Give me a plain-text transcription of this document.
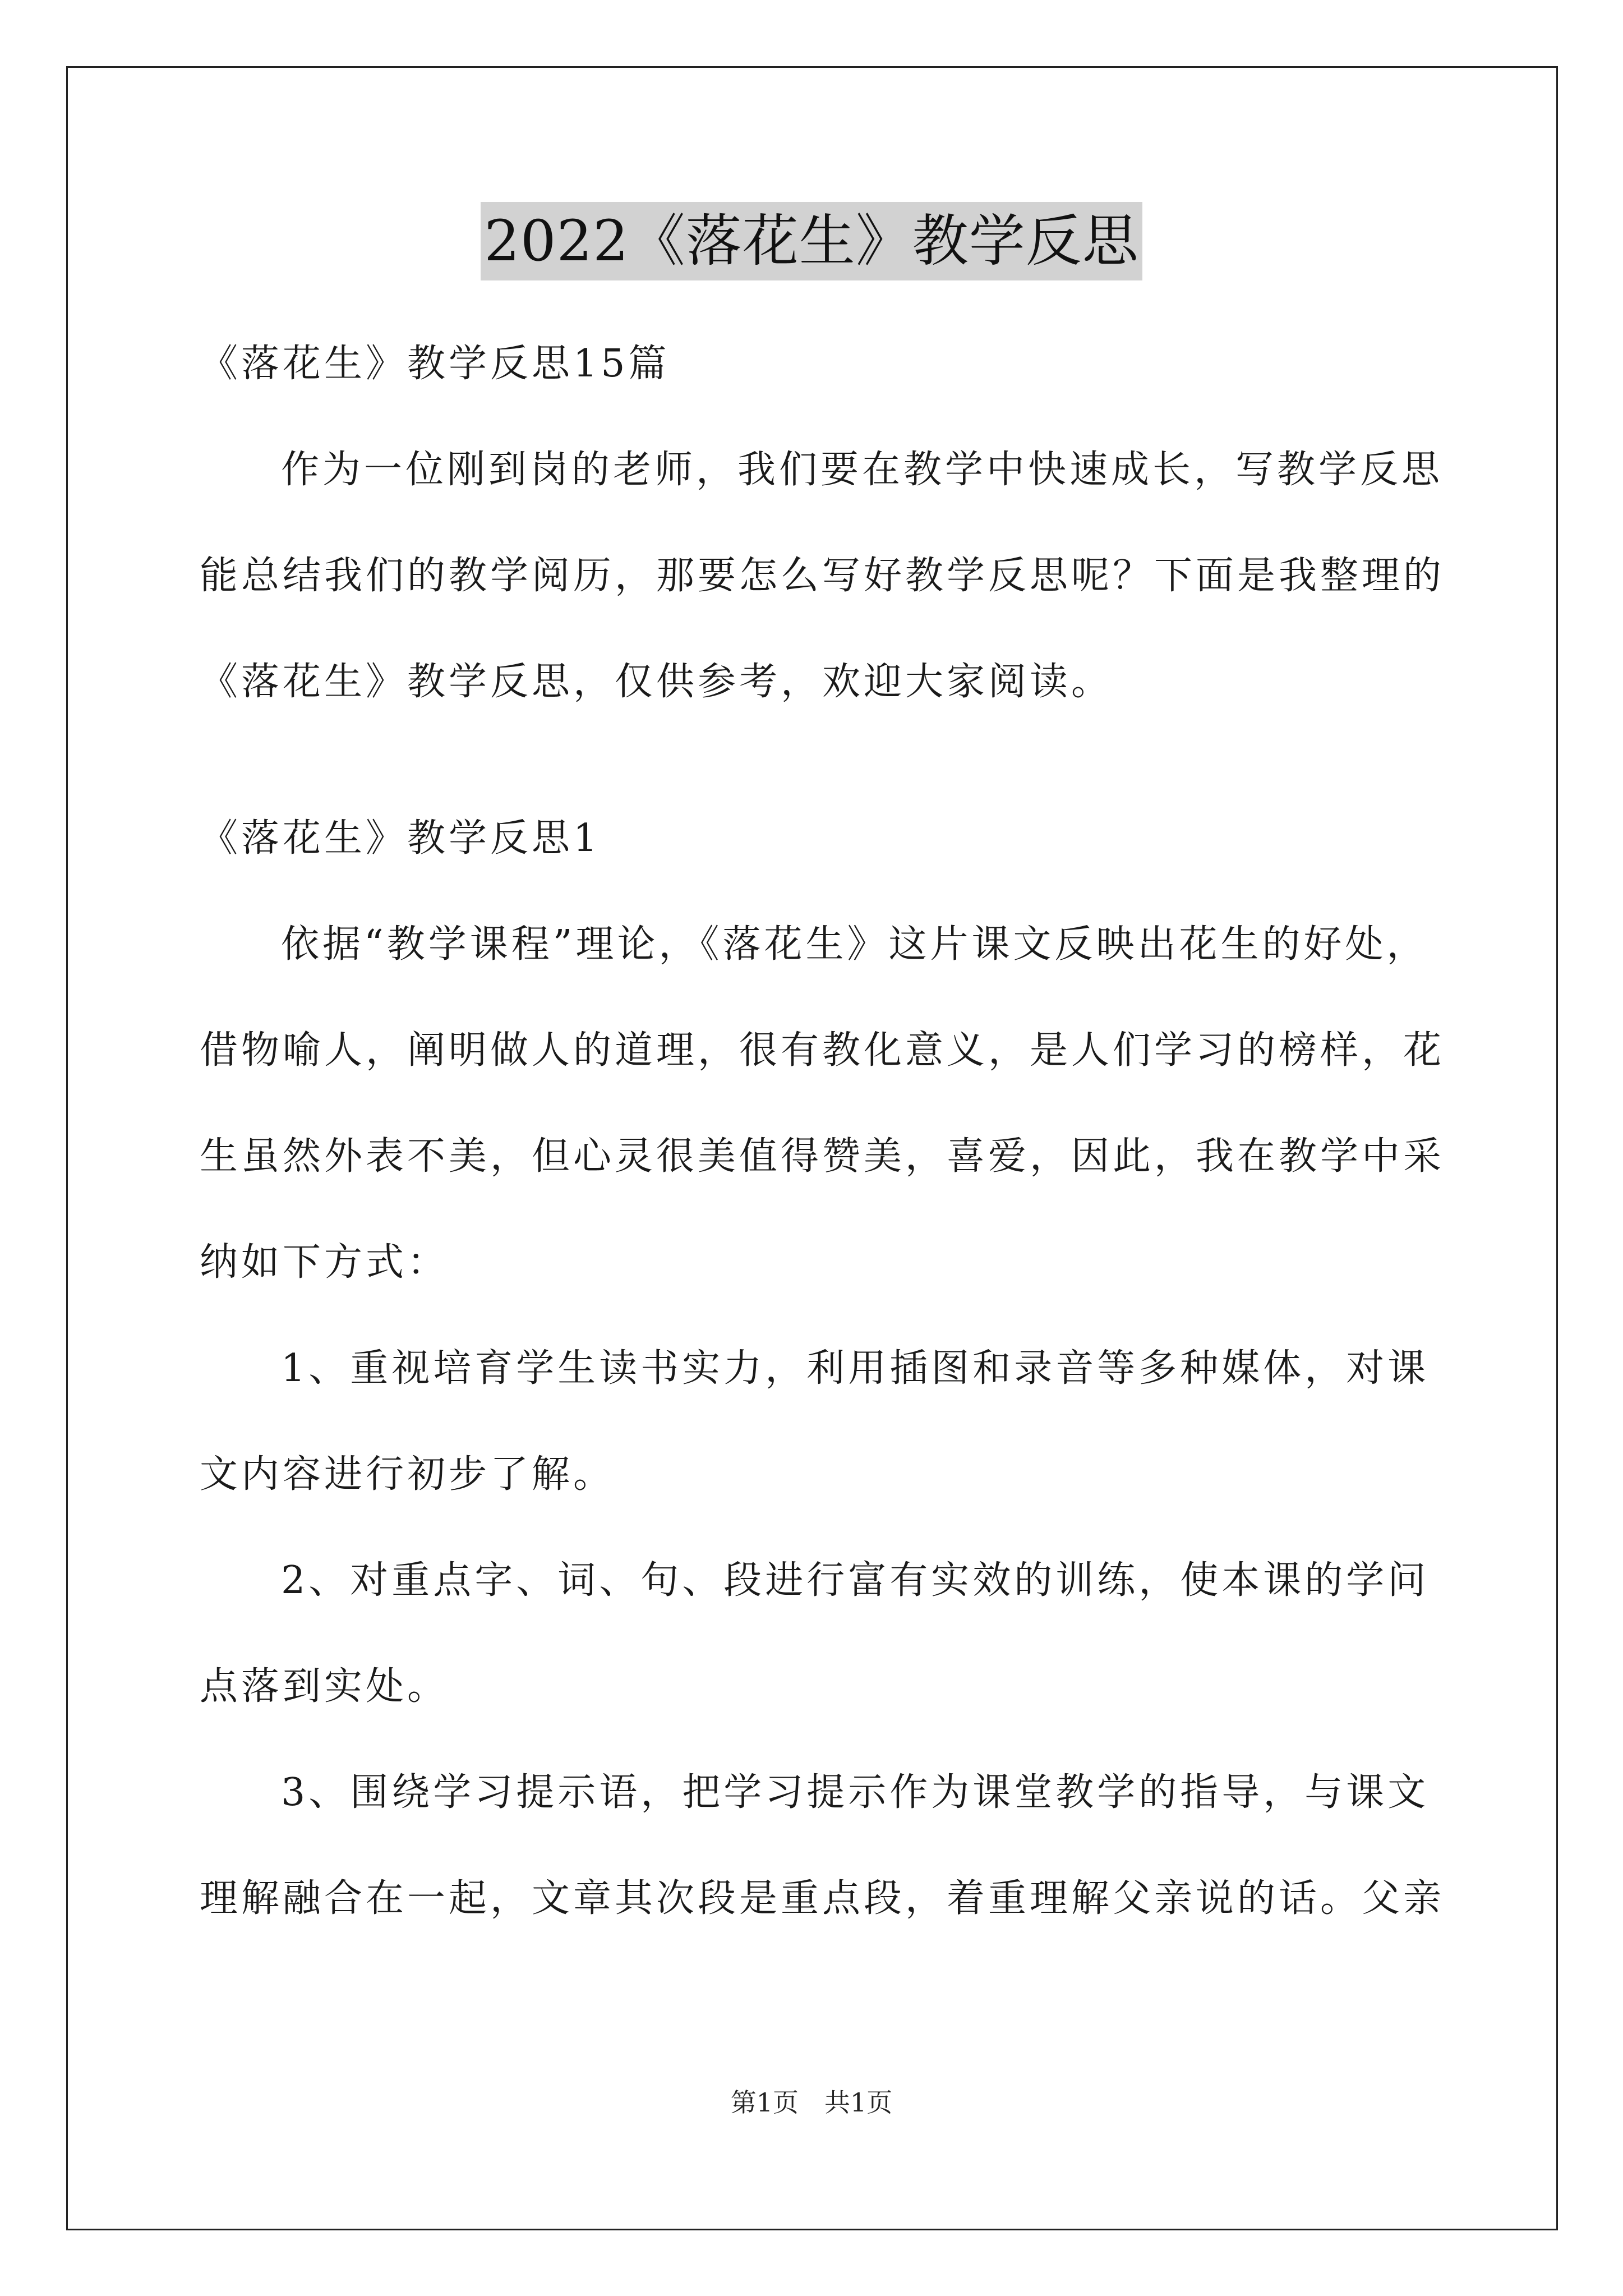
2022《落花生》教学反思
《落花生》教学反思15篇
作为一位刚到岗的老师，我们要在教学中快速成长，写教学反思
能总结我们的教学阅历，那要怎么写好教学反思呢？下面是我整理的
《落花生》教学反思，仅供参考，欢迎大家阅读。
《落花生》教学反思1
依据“教学课程”理论，《落花生》这片课文反映出花生的好处，
借物喻人，阐明做人的道理，很有教化意义，是人们学习的榜样，花
生虽然外表不美，但心灵很美值得赞美，喜爱，因此，我在教学中采
纳如下方式：
1、重视培育学生读书实力，利用插图和录音等多种媒体，对课
文内容进行初步了解。
2、对重点字、词、句、段进行富有实效的训练，使本课的学问
点落到实处。
3、围绕学习提示语，把学习提示作为课堂教学的指导，与课文
理解融合在一起，文章其次段是重点段，着重理解父亲说的话。父亲
第1页　共1页
